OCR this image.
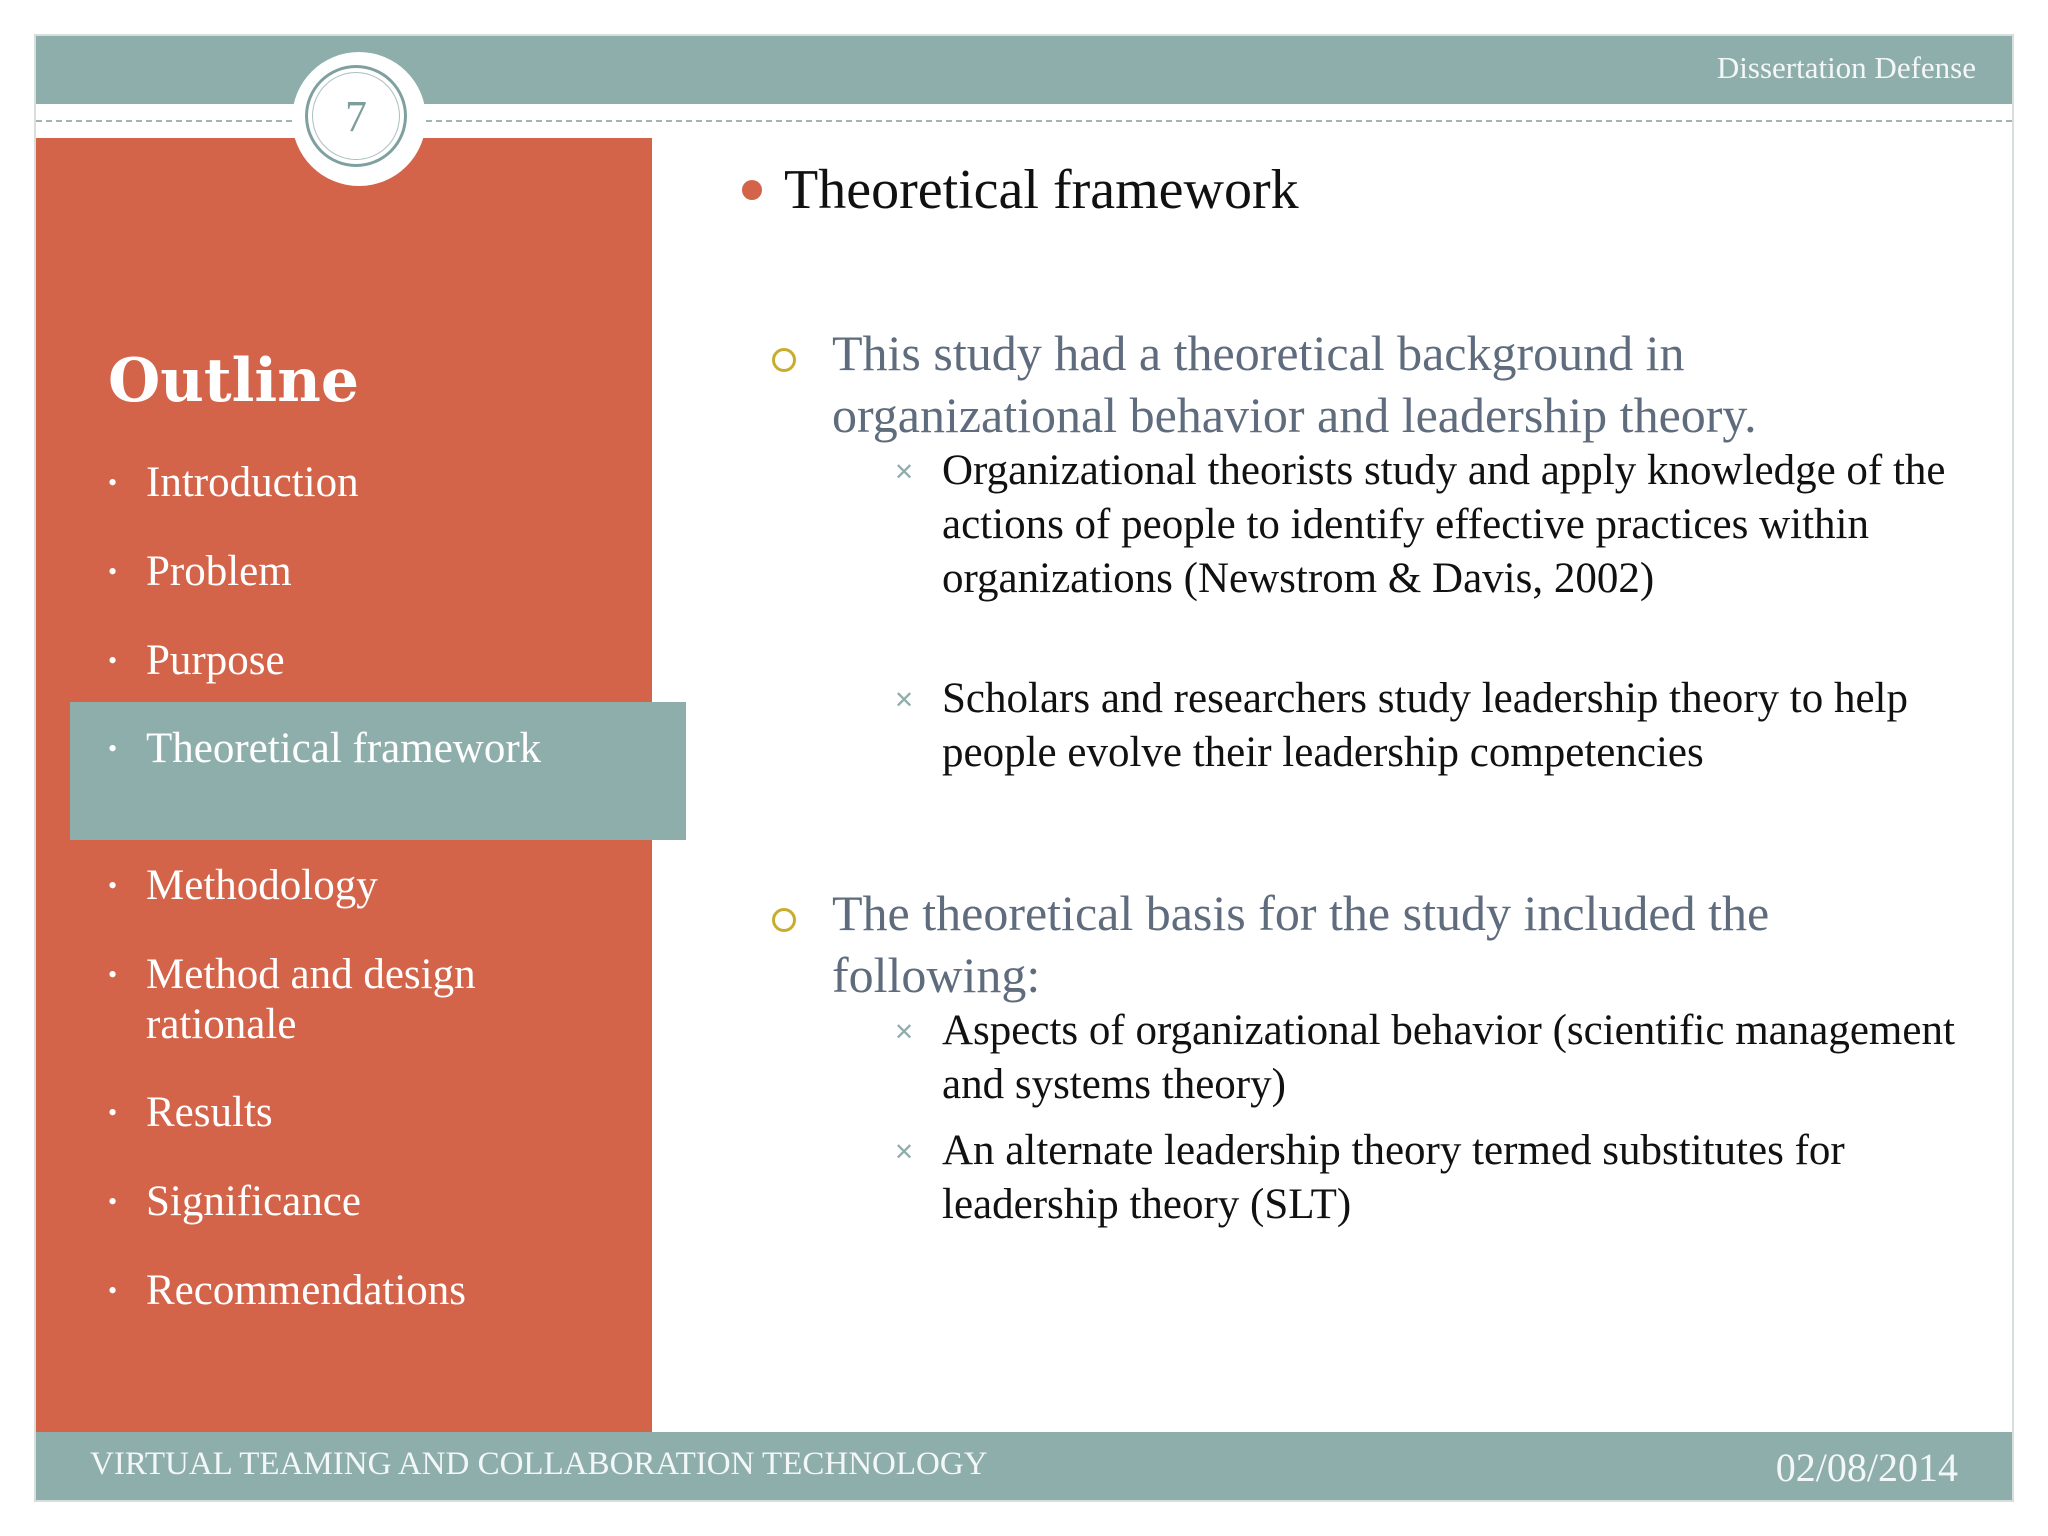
Dissertation Defense
7
Outline
• Introduction
• Problem
• Purpose
• Theoretical framework
• Methodology
• Method and design rationale
• Results
• Significance
• Recommendations
Theoretical framework
This study had a theoretical background in organizational behavior and leadership theory.
✕ Organizational theorists study and apply knowledge of the actions of people to identify effective practices within organizations (Newstrom & Davis, 2002)
✕ Scholars and researchers study leadership theory to help people evolve their leadership competencies
The theoretical basis for the study included the following:
✕ Aspects of organizational behavior (scientific management and systems theory)
✕ An alternate leadership theory termed substitutes for leadership theory (SLT)
VIRTUAL TEAMING AND COLLABORATION TECHNOLOGY	02/08/2014
